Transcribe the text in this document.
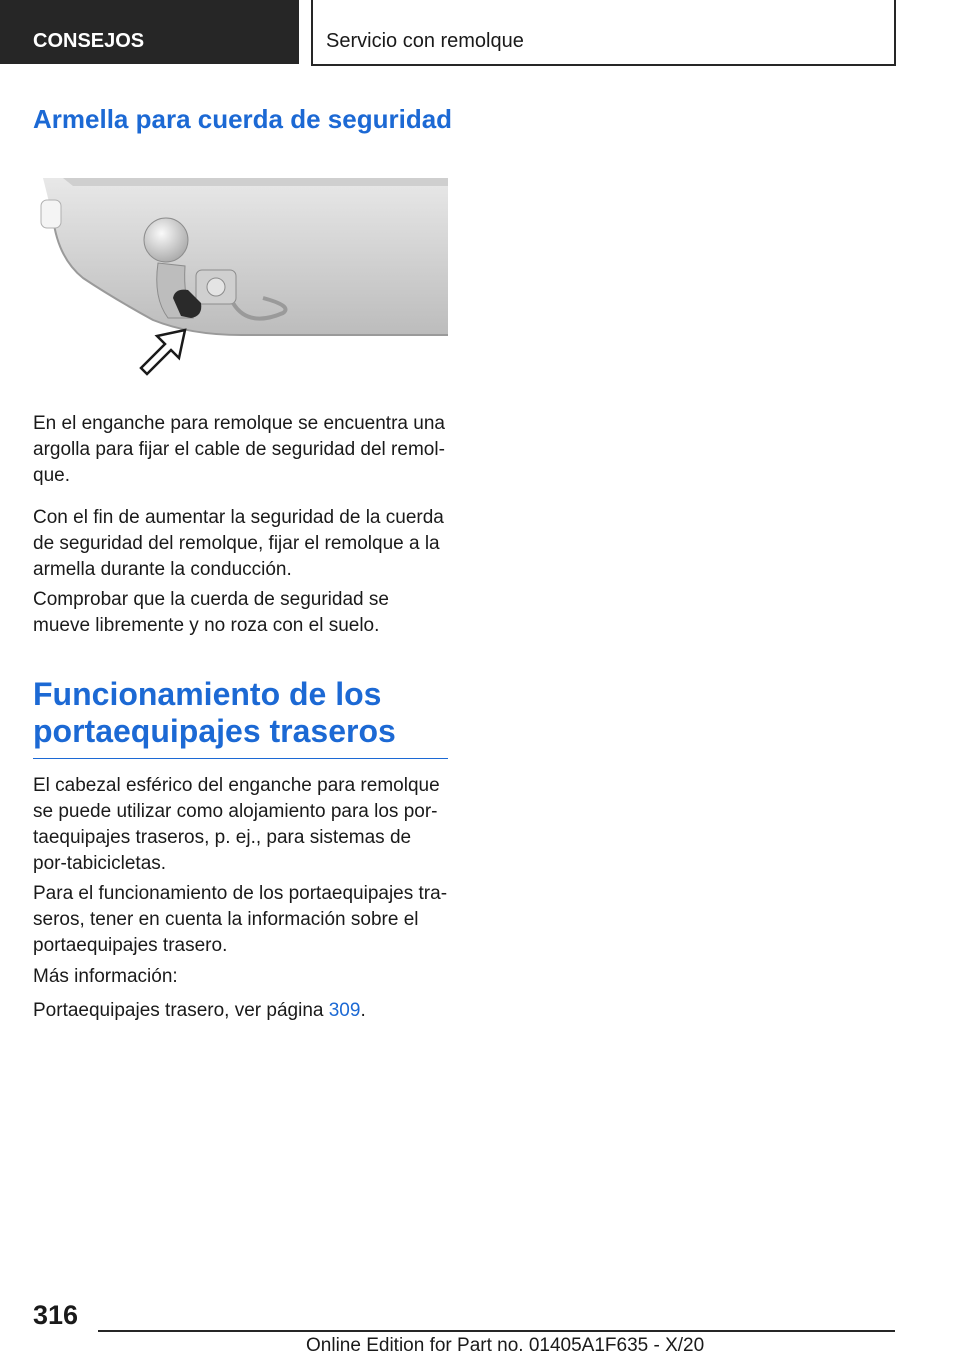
CONSEJOS	Servicio con remolque
Armella para cuerda de seguridad

En el enganche para remolque se encuentra una argolla para fijar el cable de seguridad del remol-que.

Con el fin de aumentar la seguridad de la cuerda de seguridad del remolque, fijar el remolque a la armella durante la conducción.

Comprobar que la cuerda de seguridad se mueve libremente y no roza con el suelo.

Funcionamiento de los portaequipajes traseros

El cabezal esférico del enganche para remolque se puede utilizar como alojamiento para los por-taequipajes traseros, p. ej., para sistemas de por-tabicicletas.

Para el funcionamiento de los portaequipajes tra-seros, tener en cuenta la información sobre el portaequipajes trasero.

Más información:

Portaequipajes trasero, ver página 309.

316
Online Edition for Part no. 01405A1F635 - X/20
